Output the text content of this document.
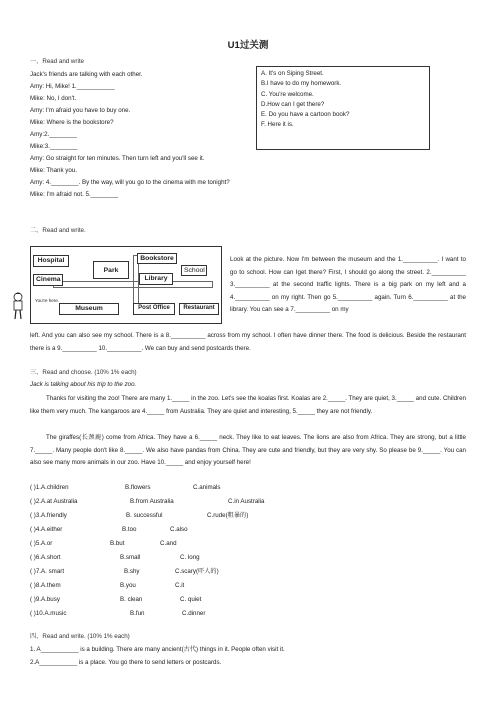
U1过关测
一、Read and write
Jack's friends are talking with each other.
Amy: Hi, Mike! 1.___________
Mike: No, I don't.
Amy: I'm afraid you have to buy one.
Mike: Where is the bookstore?
Amy:2.________
Mike:3.________
Amy: Go straight for ten minutes. Then turn left and you'll see it.
Mike: Thank you.
Amy: 4.________. By the way, will you go to the cinema with me tonight?
Mike: I'm afraid not. 5.________
A. It's on Siping Street.
B.I have to do my homework.
C. You're welcome.
D.How can I get there?
E. Do you have a cartoon book?
F. Here it is.
二、Read and write.
Hospital
Park
Bookstore
School
Cinema	Library
You're here.
Museum	Post Office	Restaurant
Look at the picture. Now I'm between the museum and the 1.__________. I want to go to school. How can Iget there? First, I should go along the street. 2.__________ 3.__________ at the second traffic lights. There is a big park on my left and a 4.__________ on my right. Then go 5.__________ again. Turn 6.__________ at the library. You can see a 7.__________ on my
left. And you can also see my school. There is a 8.__________ across from my school. I often have dinner there. The food is delicious. Beside the restaurant there is a 9.__________ 10.__________. We can buy and send postcards there.
三、Read and choose. (10% 1% each)
Jack is talking about his trip to the zoo.
Thanks for visiting the zoo! There are many 1._____ in the zoo. Let's see the koalas first. Koalas are 2._____. They are quiet, 3._____ and cute. Children like them very much. The kangaroos are 4._____ from Australia. They are quiet and interesting, 5._____ they are not friendly.
The giraffes(长颈鹿) come from Africa. They have a 6._____ neck. They like to eat leaves. The lions are also from Africa. They are strong, but a little 7._____. Many people don't like 8._____. We also have pandas from China. They are cute and friendly, but they are very shy. So please be 9._____. You can also see many more animals in our zoo. Have 10._____ and enjoy yourself here!
( )1.A.children	B.flowers	C.animals
( )2.A.at Australia	B.from Australia	C.in Australia
( )3.A.friendly	B. successful	C.rude(粗暴的)
( )4.A.either	B.too	C.also
( )5.A.or	B.but	C.and
( )6.A.short	B.small	C. long
( )7.A. smart	B.shy	C.scary(吓人的)
( )8.A.them	B.you	C.it
( )9.A.busy	B. clean	C. quiet
( )10.A.music	B.fun	C.dinner
四、Read and write. (10% 1% each)
1. A___________ is a building. There are many ancient(古代) things in it. People often visit it.
2.A___________ is a place. You go there to send letters or postcards.
